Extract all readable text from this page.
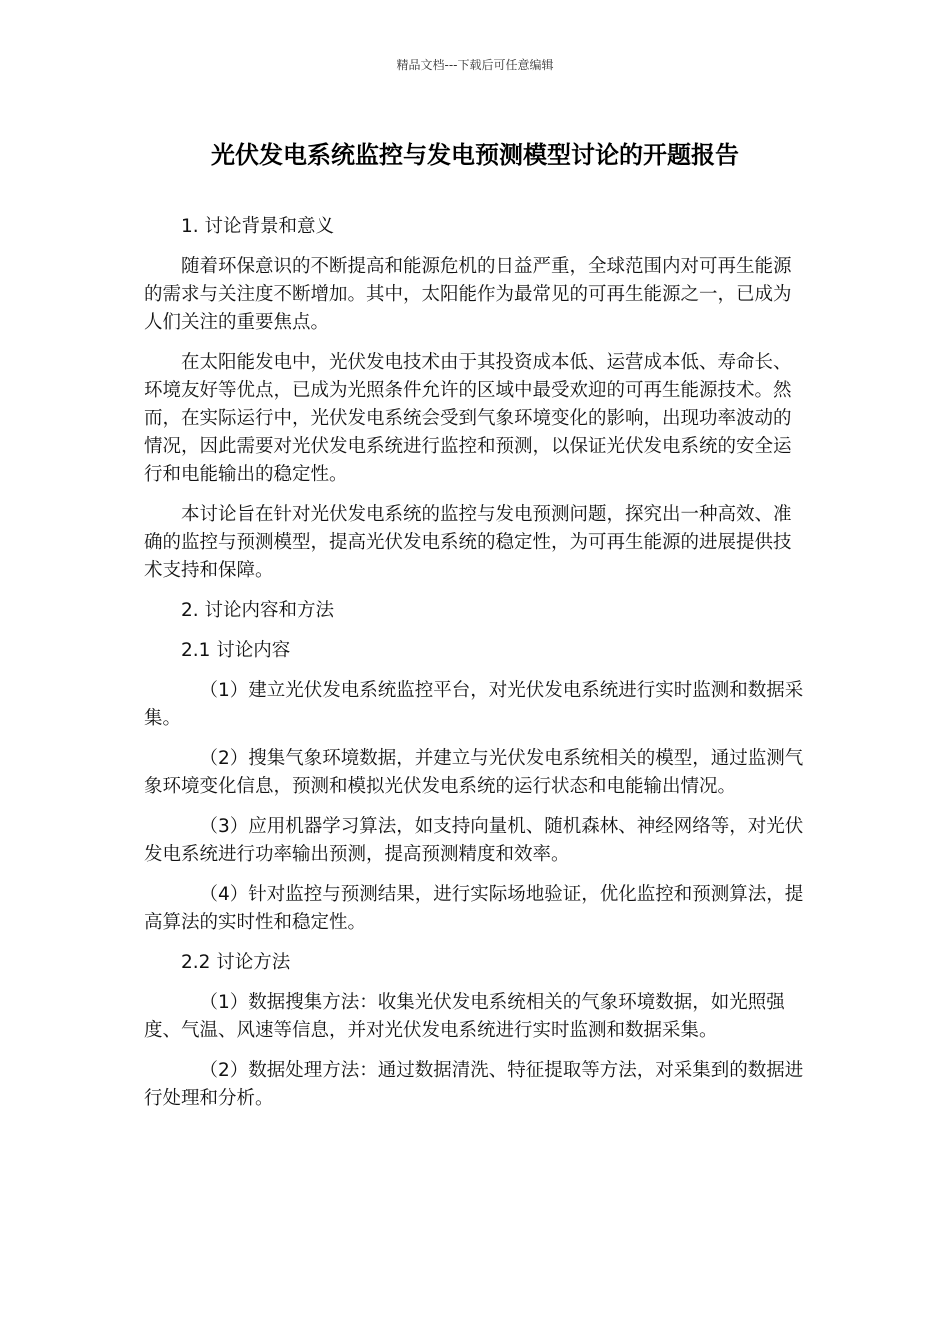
精品文档---下载后可任意编辑
光伏发电系统监控与发电预测模型讨论的开题报告
1. 讨论背景和意义
随着环保意识的不断提高和能源危机的日益严重，全球范围内对可再生能源的需求与关注度不断增加。其中，太阳能作为最常见的可再生能源之一，已成为人们关注的重要焦点。
在太阳能发电中，光伏发电技术由于其投资成本低、运营成本低、寿命长、环境友好等优点，已成为光照条件允许的区域中最受欢迎的可再生能源技术。然而，在实际运行中，光伏发电系统会受到气象环境变化的影响，出现功率波动的情况，因此需要对光伏发电系统进行监控和预测，以保证光伏发电系统的安全运行和电能输出的稳定性。
本讨论旨在针对光伏发电系统的监控与发电预测问题，探究出一种高效、准确的监控与预测模型，提高光伏发电系统的稳定性，为可再生能源的进展提供技术支持和保障。
2. 讨论内容和方法
2.1 讨论内容
（1）建立光伏发电系统监控平台，对光伏发电系统进行实时监测和数据采集。
（2）搜集气象环境数据，并建立与光伏发电系统相关的模型，通过监测气象环境变化信息，预测和模拟光伏发电系统的运行状态和电能输出情况。
（3）应用机器学习算法，如支持向量机、随机森林、神经网络等，对光伏发电系统进行功率输出预测，提高预测精度和效率。
（4）针对监控与预测结果，进行实际场地验证，优化监控和预测算法，提高算法的实时性和稳定性。
2.2 讨论方法
（1）数据搜集方法：收集光伏发电系统相关的气象环境数据，如光照强度、气温、风速等信息，并对光伏发电系统进行实时监测和数据采集。
（2）数据处理方法：通过数据清洗、特征提取等方法，对采集到的数据进行处理和分析。
